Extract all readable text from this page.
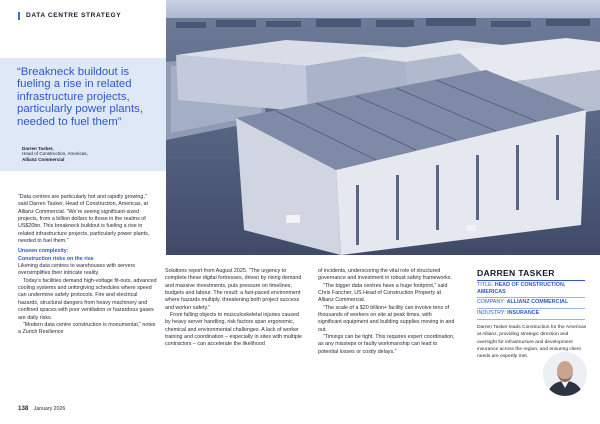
DATA CENTRE STRATEGY
“Breakneck buildout is fueling a rise in related infrastructure projects, particularly power plants, needed to fuel them”
Darren Tasker,
Head of Construction, Americas,
Allianz Commercial

“Data centres are particularly hot and rapidly growing,” said Darren Tasker, Head of Construction, Americas, at Allianz Commercial. “We’re seeing significant-sized projects, from a billion dollars to those in the realms of US$20bn. This breakneck buildout is fueling a rise in related infrastructure projects, particularly power plants, needed to fuel them.”

Unseen complexity:
Construction risks on the rise

Likening data centres to warehouses with servers oversimplifies their intricate reality.

Today’s facilities demand high-voltage fit-outs, advanced cooling systems and unforgiving schedules where speed can undermine safety protocols. Fire and electrical hazards, structural dangers from heavy machinery and confined spaces with poor ventilation or hazardous gases are daily risks.

“Modern data centre construction is monumental,” notes a Zurich Resilience

Solutions report from August 2025. “The urgency to complete these digital fortresses, driven by rising demand and massive investments, puts pressure on timelines, budgets and labour. The result: a fast-paced environment where hazards multiply, threatening both project success and worker safety.”

From falling objects to musculoskeletal injuries caused by heavy server handling, risk factors span ergonomic, chemical and environmental challenges. A lack of worker training and coordination – especially in sites with multiple contractors – can accelerate the likelihood

of incidents, underscoring the vital role of structured governance and investment in robust safety frameworks.

“The bigger data centres have a huge footprint,” said Chris Fancher, US Head of Construction Property at Allianz Commercial.

“The scale of a $20 billion+ facility can involve tens of thousands of workers on site at peak times, with significant equipment and building supplies moving in and out.

“Timings can be tight. This requires expert coordination, as any missteps or faulty workmanship can lead to potential losses or costly delays.”

DARREN TASKER
TITLE: HEAD OF CONSTRUCTION, AMERICAS
COMPANY: ALLIANZ COMMERCIAL
INDUSTRY: INSURANCE
Darren Tasker leads Construction for the Americas at Allianz, providing strategic direction and oversight for infrastructure and development insurance across the region, and ensuring client needs are expertly met.
138 January 2026
